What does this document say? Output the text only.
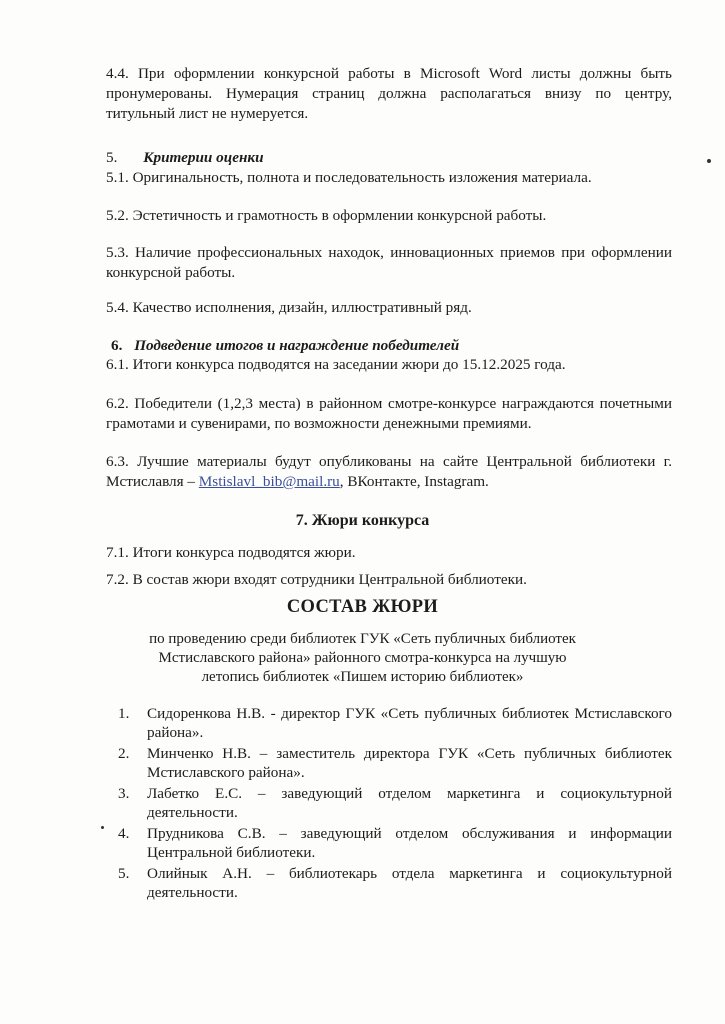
4.4. При оформлении конкурсной работы в Microsoft Word листы должны быть пронумерованы. Нумерация страниц должна располагаться внизу по центру, титульный лист не нумеруется.
5. Критерии оценки
5.1. Оригинальность, полнота и последовательность изложения материала.
5.2. Эстетичность и грамотность в оформлении конкурсной работы.
5.3. Наличие профессиональных находок, инновационных приемов при оформлении конкурсной работы.
5.4. Качество исполнения, дизайн, иллюстративный ряд.
6. Подведение итогов и награждение победителей
6.1. Итоги конкурса подводятся на заседании жюри до 15.12.2025 года.
6.2. Победители (1,2,3 места) в районном смотре-конкурсе награждаются почетными грамотами и сувенирами, по возможности денежными премиями.
6.3. Лучшие материалы будут опубликованы на сайте Центральной библиотеки г. Мстиславля – Mstislavl_bib@mail.ru, ВКонтакте, Instagram.
7. Жюри конкурса
7.1. Итоги конкурса подводятся жюри.
7.2. В состав жюри входят сотрудники Центральной библиотеки.
СОСТАВ ЖЮРИ
по проведению среди библиотек ГУК «Сеть публичных библиотек
Мстиславского района» районного смотра-конкурса на лучшую
летопись библиотек «Пишем историю библиотек»
1. Сидоренкова Н.В. - директор ГУК «Сеть публичных библиотек Мстиславского района».
2. Минченко Н.В. – заместитель директора ГУК «Сеть публичных библиотек Мстиславского района».
3. Лабетко Е.С. – заведующий отделом маркетинга и социокультурной деятельности.
4. Прудникова С.В. – заведующий отделом обслуживания и информации Центральной библиотеки.
5. Олийнык А.Н. – библиотекарь отдела маркетинга и социокультурной деятельности.
